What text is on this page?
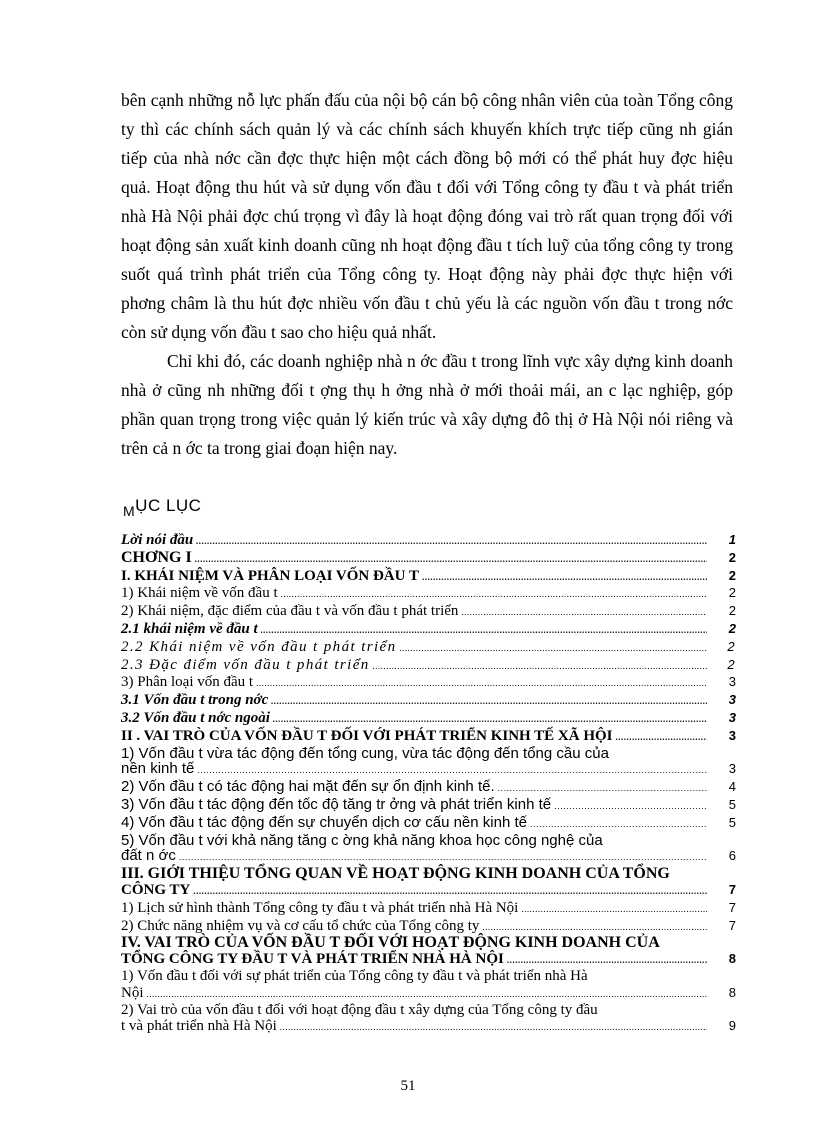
bên cạnh những nỗ lực phấn đấu của nội bộ cán bộ công nhân viên của toàn Tổng công ty thì các chính sách quản lý và các chính sách khuyến khích trực tiếp cũng nh gián tiếp của nhà nớc cần đợc thực hiện một cách đồng bộ mới có thể phát huy đợc hiệu quả. Hoạt động thu hút và sử dụng vốn đầu t đối với Tổng công ty đầu t và phát triển nhà Hà Nội phải đợc chú trọng vì đây là hoạt động đóng vai trò rất quan trọng đối với hoạt động sản xuất kinh doanh cũng nh hoạt động đầu t tích luỹ của tổng công ty trong suốt quá trình phát triển của Tổng công ty. Hoạt động này phải đợc thực hiện với phơng châm là thu hút đợc nhiều vốn đầu t chủ yếu là các nguồn vốn đầu t trong nớc còn sử dụng vốn đầu t sao cho hiệu quả nhất.

Chỉ khi đó, các doanh nghiệp nhà n ớc đầu t trong lĩnh vực xây dựng kinh doanh nhà ở cũng nh những đối t ợng thụ h ởng nhà ở mới thoải mái, an c lạc nghiệp, góp phần quan trọng trong việc quản lý kiến trúc và xây dựng đô thị ở Hà Nội nói riêng và trên cả n ớc ta trong giai đoạn hiện nay.

$_M$ỤC LỤC
Lời nói đầu .....	1
CHƠNG I .....	2
I. KHÁI NIỆM VÀ PHÂN LOẠI VỐN ĐẦU T .....	2
1) Khái niệm về vốn đầu t .....	2
2) Khái niệm, đặc điểm của đầu t và vốn đầu t phát triển .....	2
2.1 khái niệm về đầu t .....	2
2.2 Khái niệm về vốn đầu t phát triển .....	2
2.3 Đặc điểm vốn đầu t phát triển .....	2
3) Phân loại vốn đầu t .....	3
3.1 Vốn đầu t trong nớc .....	3
3.2 Vốn đầu t nớc ngoài .....	3
II . VAI TRÒ CỦA VỐN ĐẦU T ĐỐI VỚI PHÁT TRIỂN KINH TẾ XÃ HỘI .....	3
1) Vốn đầu t vừa tác động đến tổng cung, vừa tác động đến tổng cầu của
nền kinh tế .....	3
2) Vốn đầu t có tác động hai mặt đến sự ổn định kinh tế. .....	4
3) Vốn đầu t tác động đến tốc độ tăng tr ởng và phát triển kinh tế .....	5
4) Vốn đầu t tác động đến sự chuyển dịch cơ cấu nền kinh tế .....	5
5) Vốn đầu t với khả năng tăng c ờng khả năng khoa học công nghệ của
đất n ớc .....	6
III. GIỚI THIỆU TỔNG QUAN VỀ HOẠT ĐỘNG KINH DOANH CỦA TỔNG
CÔNG TY .....	7
1) Lịch sử hình thành Tổng công ty đầu t và phát triển nhà Hà Nội .....	7
2) Chức năng nhiệm vụ và cơ cấu tổ chức của Tổng công ty .....	7
IV. VAI TRÒ CỦA VỐN ĐẦU T ĐỐI VỚI HOẠT ĐỘNG KINH DOANH CỦA
TỔNG CÔNG TY ĐẦU T VÀ PHÁT TRIỂN NHÀ HÀ NỘI .....	8
1) Vốn đầu t đối với sự phát triển của Tổng công ty đầu t và phát triển nhà Hà
Nội .....	8
2) Vai trò của vốn đầu t đối với hoạt động đầu t xây dựng của Tổng công ty đầu
t và phát triển nhà Hà Nội .....	9
51
